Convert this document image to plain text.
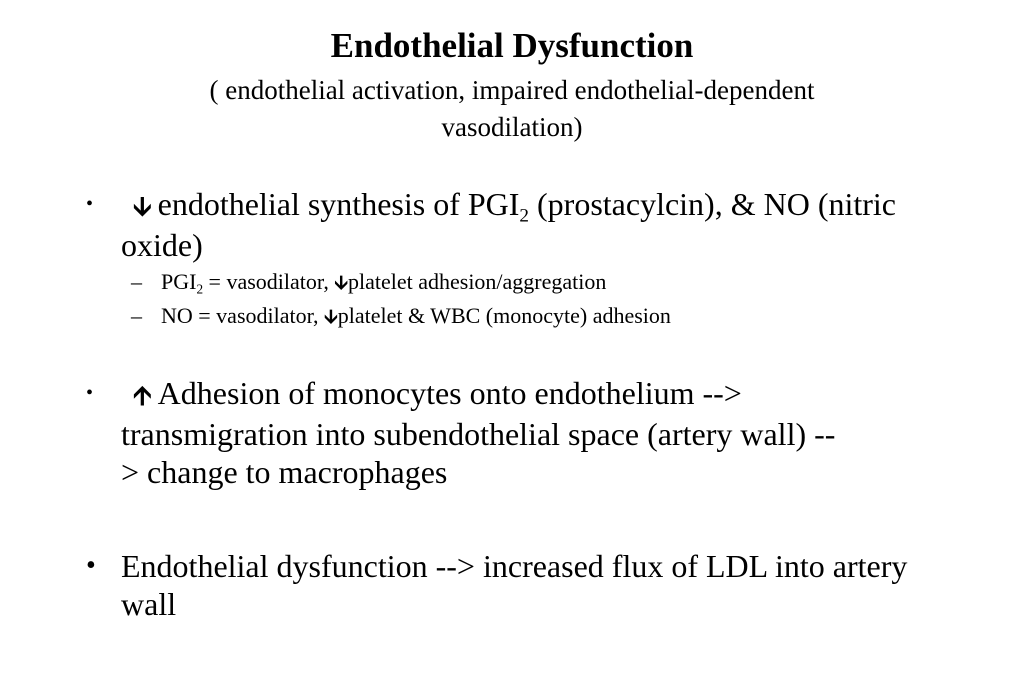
Endothelial Dysfunction
( endothelial activation, impaired endothelial-dependent vasodilation)
• 🡫 endothelial synthesis of $PGI_2$ (prostacylcin), & NO (nitric oxide)
– $PGI_2$ = vasodilator, 🡫platelet adhesion/aggregation
– NO = vasodilator, 🡫platelet & WBC (monocyte) adhesion
• 🡩 Adhesion of monocytes onto endothelium --> transmigration into subendothelial space (artery wall) --> change to macrophages
• Endothelial dysfunction --> increased flux of LDL into artery wall
